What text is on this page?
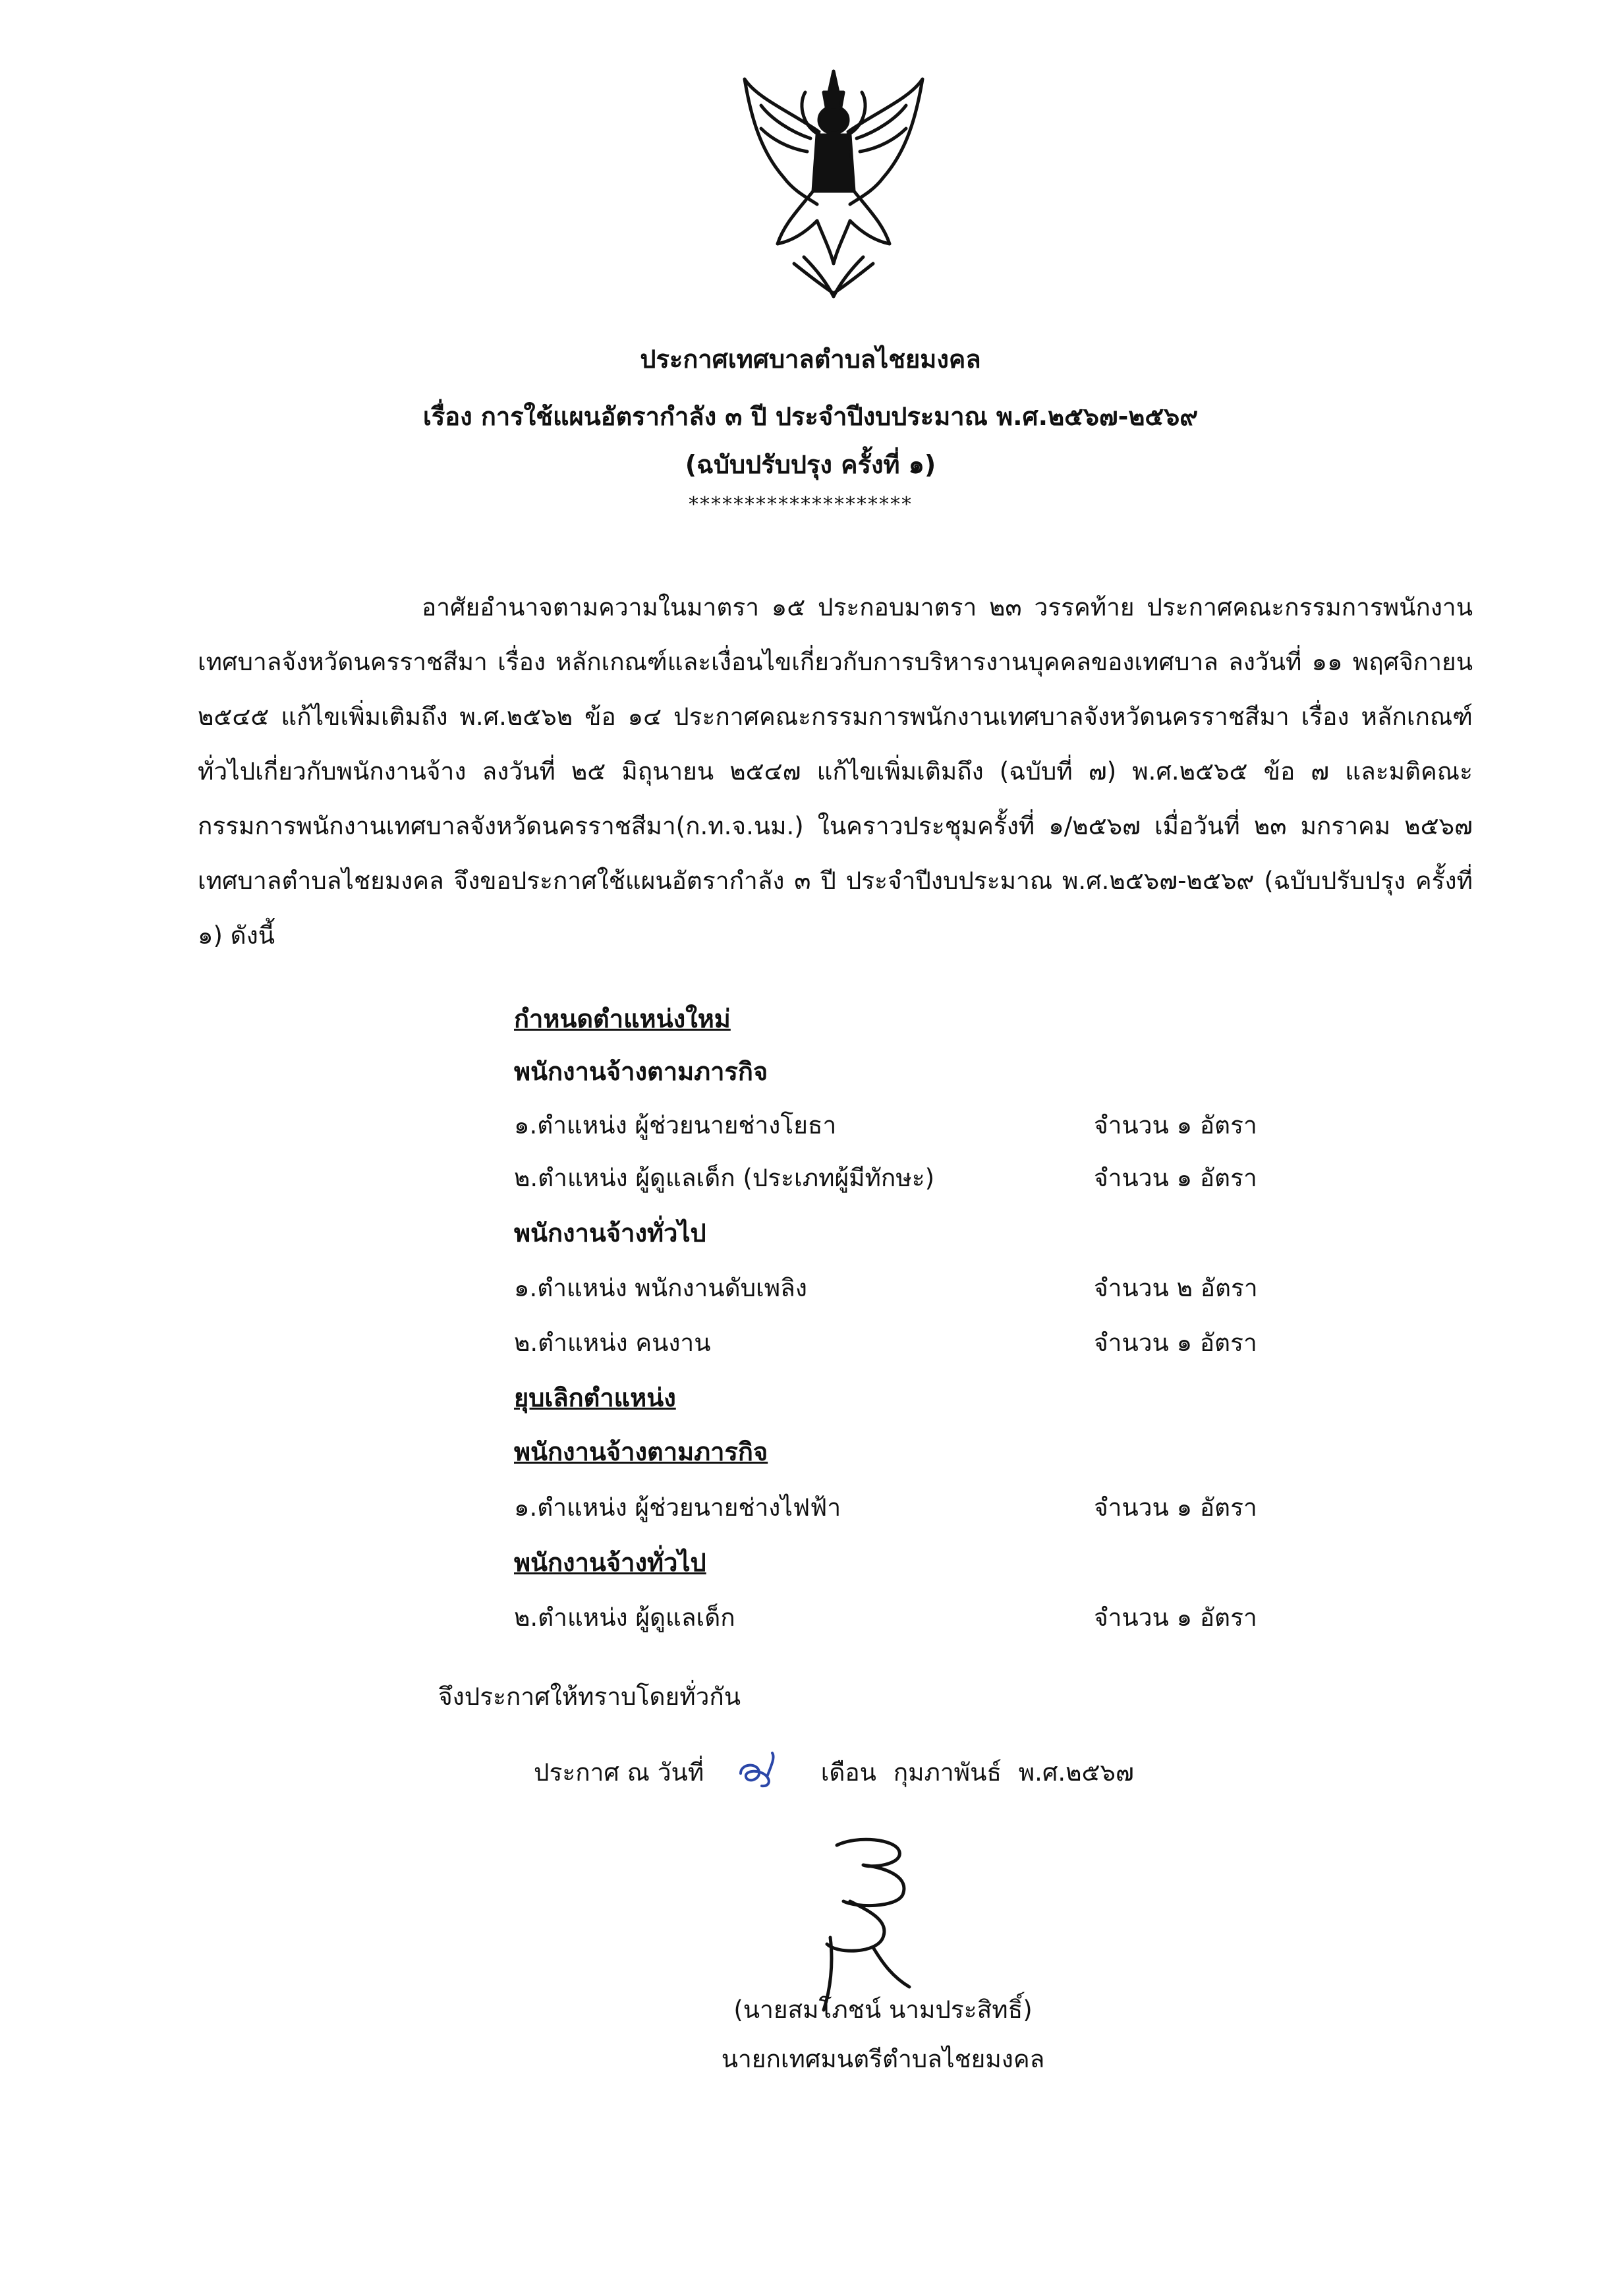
ประกาศเทศบาลตำบลไชยมงคล
เรื่อง การใช้แผนอัตรากำลัง ๓ ปี ประจำปีงบประมาณ พ.ศ.๒๕๖๗-๒๕๖๙
(ฉบับปรับปรุง ครั้งที่ ๑)
********************
อาศัยอำนาจตามความในมาตรา ๑๕ ประกอบมาตรา ๒๓ วรรคท้าย ประกาศคณะกรรมการพนักงานเทศบาลจังหวัดนครราชสีมา เรื่อง หลักเกณฑ์และเงื่อนไขเกี่ยวกับการบริหารงานบุคคลของเทศบาล ลงวันที่ ๑๑ พฤศจิกายน ๒๕๔๕ แก้ไขเพิ่มเติมถึง พ.ศ.๒๕๖๒ ข้อ ๑๔ ประกาศคณะกรรมการพนักงานเทศบาลจังหวัดนครราชสีมา เรื่อง หลักเกณฑ์ทั่วไปเกี่ยวกับพนักงานจ้าง ลงวันที่ ๒๕ มิถุนายน ๒๕๔๗ แก้ไขเพิ่มเติมถึง (ฉบับที่ ๗) พ.ศ.๒๕๖๕ ข้อ ๗ และมติคณะกรรมการพนักงานเทศบาลจังหวัดนครราชสีมา(ก.ท.จ.นม.) ในคราวประชุมครั้งที่ ๑/๒๕๖๗ เมื่อวันที่ ๒๓ มกราคม ๒๕๖๗ เทศบาลตำบลไชยมงคล จึงขอประกาศใช้แผนอัตรากำลัง ๓ ปี ประจำปีงบประมาณ พ.ศ.๒๕๖๗-๒๕๖๙ (ฉบับปรับปรุง ครั้งที่ ๑) ดังนี้
กำหนดตำแหน่งใหม่
พนักงานจ้างตามภารกิจ
๑.ตำแหน่ง ผู้ช่วยนายช่างโยธา	จำนวน ๑ อัตรา
๒.ตำแหน่ง ผู้ดูแลเด็ก (ประเภทผู้มีทักษะ)	จำนวน ๑ อัตรา
พนักงานจ้างทั่วไป
๑.ตำแหน่ง พนักงานดับเพลิง	จำนวน ๒ อัตรา
๒.ตำแหน่ง คนงาน	จำนวน ๑ อัตรา
ยุบเลิกตำแหน่ง
พนักงานจ้างตามภารกิจ
๑.ตำแหน่ง ผู้ช่วยนายช่างไฟฟ้า	จำนวน ๑ อัตรา
พนักงานจ้างทั่วไป
๒.ตำแหน่ง ผู้ดูแลเด็ก	จำนวน ๑ อัตรา
จึงประกาศให้ทราบโดยทั่วกัน
ประกาศ ณ วันที่	เดือน กุมภาพันธ์ พ.ศ.๒๕๖๗
(นายสมโภชน์ นามประสิทธิ์)
นายกเทศมนตรีตำบลไชยมงคล
